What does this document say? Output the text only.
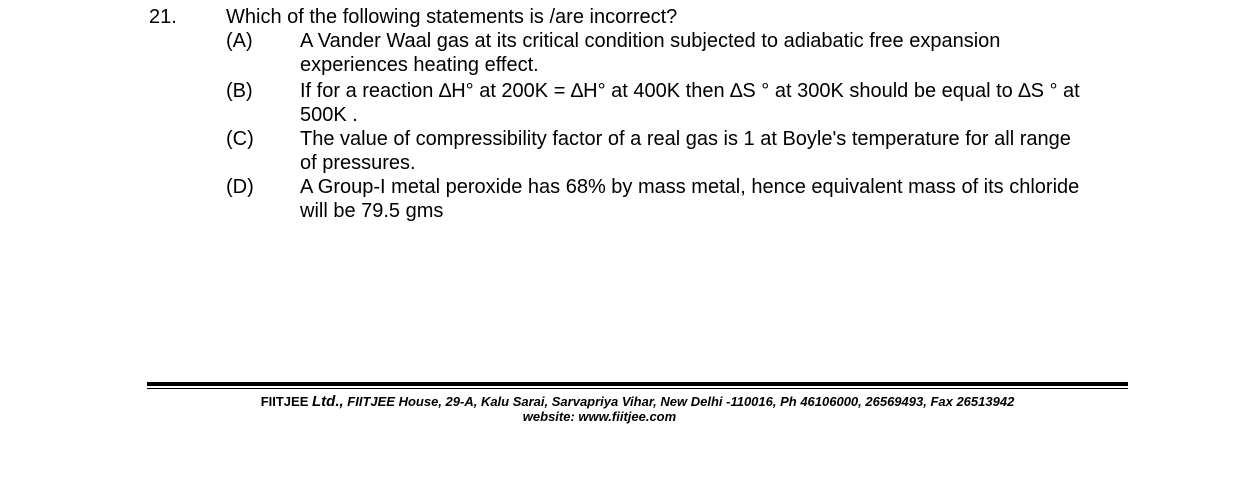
21. Which of the following statements is /are incorrect?
(A) A Vander Waal gas at its critical condition subjected to adiabatic free expansion
experiences heating effect.
(B) If for a reaction ∆H° at 200K = ∆H° at 400K then ∆S ° at 300K should be equal to ∆S ° at
500K .
(C) The value of compressibility factor of a real gas is 1 at Boyle's temperature for all range
of pressures.
(D) A Group-I metal peroxide has 68% by mass metal, hence equivalent mass of its chloride
will be 79.5 gms
FIITJEE Ltd., FIITJEE House, 29-A, Kalu Sarai, Sarvapriya Vihar, New Delhi -110016, Ph 46106000, 26569493, Fax 26513942
website: www.fiitjee.com
